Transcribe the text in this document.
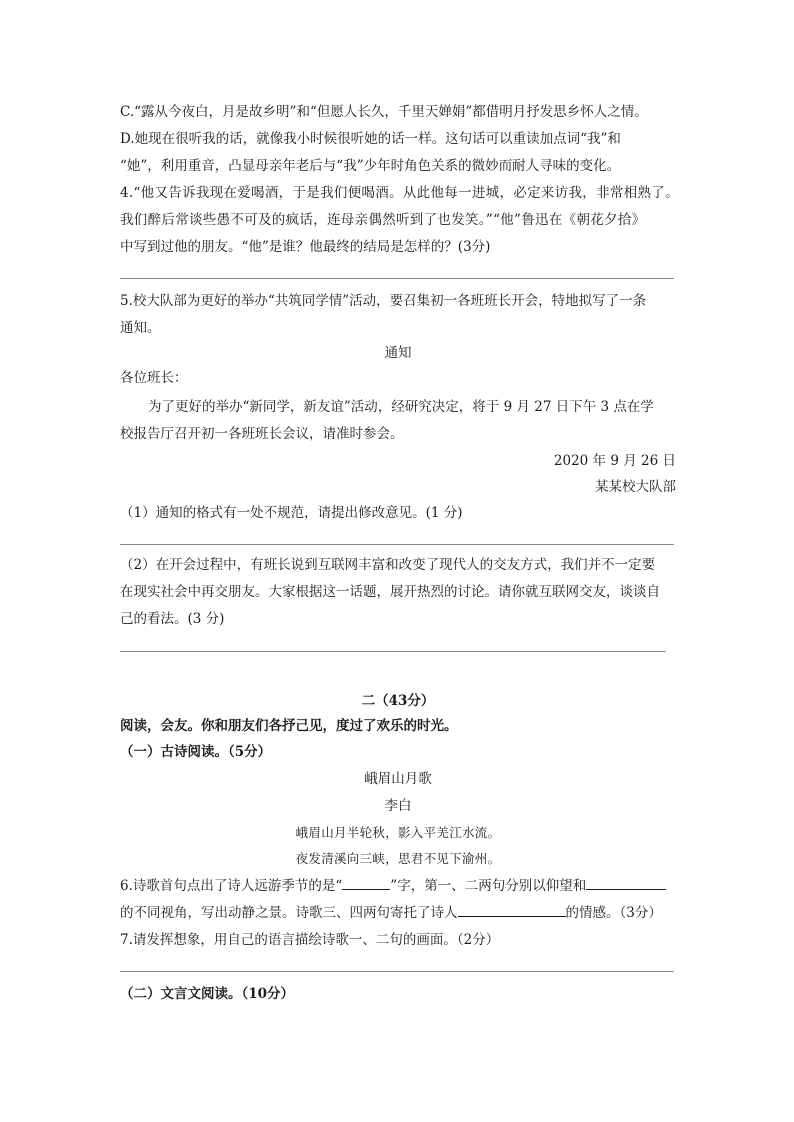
C.“露从今夜白，月是故乡明”和“但愿人长久，千里天婵娟”都借明月抒发思乡怀人之情。
D.她现在很听我的话，就像我小时候很听她的话一样。这句话可以重读加点词“我”和
“她”，利用重音，凸显母亲年老后与“我”少年时角色关系的微妙而耐人寻味的变化。
4.“他又告诉我现在爱喝酒，于是我们便喝酒。从此他每一进城，必定来访我，非常相熟了。
我们醉后常谈些愚不可及的疯话，连母亲偶然听到了也发笑。”“他”鲁迅在《朝花夕拾》
中写到过他的朋友。“他”是谁？他最终的结局是怎样的？(3分)
5.校大队部为更好的举办“共筑同学情”活动，要召集初一各班班长开会，特地拟写了一条
通知。
通知
各位班长：
为了更好的举办“新同学，新友谊”活动，经研究决定，将于 9 月 27 日下午 3 点在学
校报告厅召开初一各班班长会议，请准时参会。
2020 年 9 月 26 日
某某校大队部
（1）通知的格式有一处不规范，请提出修改意见。(1 分)
（2）在开会过程中，有班长说到互联网丰富和改变了现代人的交友方式，我们并不一定要
在现实社会中再交朋友。大家根据这一话题，展开热烈的讨论。请你就互联网交友，谈谈自
己的看法。(3 分)
二（43分）
阅读，会友。你和朋友们各抒己见，度过了欢乐的时光。
（一）古诗阅读。（5分）
峨眉山月歌
李白
峨眉山月半轮秋，影入平羌江水流。
夜发清溪向三峡，思君不见下渝州。
6.诗歌首句点出了诗人远游季节的是“	”字，第一、二两句分别以仰望和
的不同视角，写出动静之景。诗歌三、四两句寄托了诗人	的情感。（3分）
7.请发挥想象，用自己的语言描绘诗歌一、二句的画面。（2分）
（二）文言文阅读。（10分）
